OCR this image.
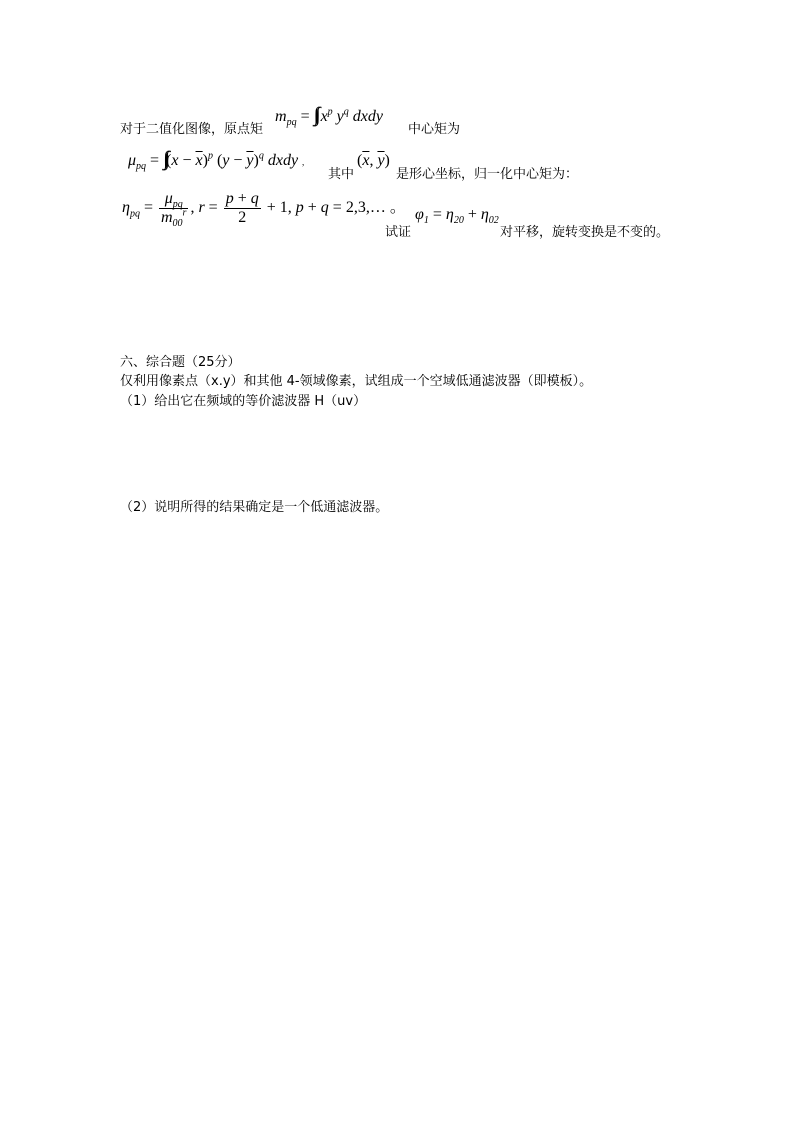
对于二值化图像，原点矩
$m_{pq}$ = ∫∫ $x^p$ $y^q$ dxdy
中心矩为
$\mu_{pq} = \int\int(x - \overline{x})^p$ $(y - \overline{y})^q$ dxdy ,
其中
($\overline{x}$, $\overline{y}$)
是形心坐标，归一化中心矩为：
$\eta_{pq} = \frac{\mu_{pq}}{m_{00}^r}$ , $r = \frac{p + q}{2} + 1$, p + q = 2,3,… 。
试证
$\varphi_1 = \eta_{20} + \eta_{02}$
对平移，旋转变换是不变的。
六、综合题（25分）
仅利用像素点（x.y）和其他 4-领域像素，试组成一个空域低通滤波器（即模板）。
（1）给出它在频域的等价滤波器 H（uv）
（2）说明所得的结果确定是一个低通滤波器。
